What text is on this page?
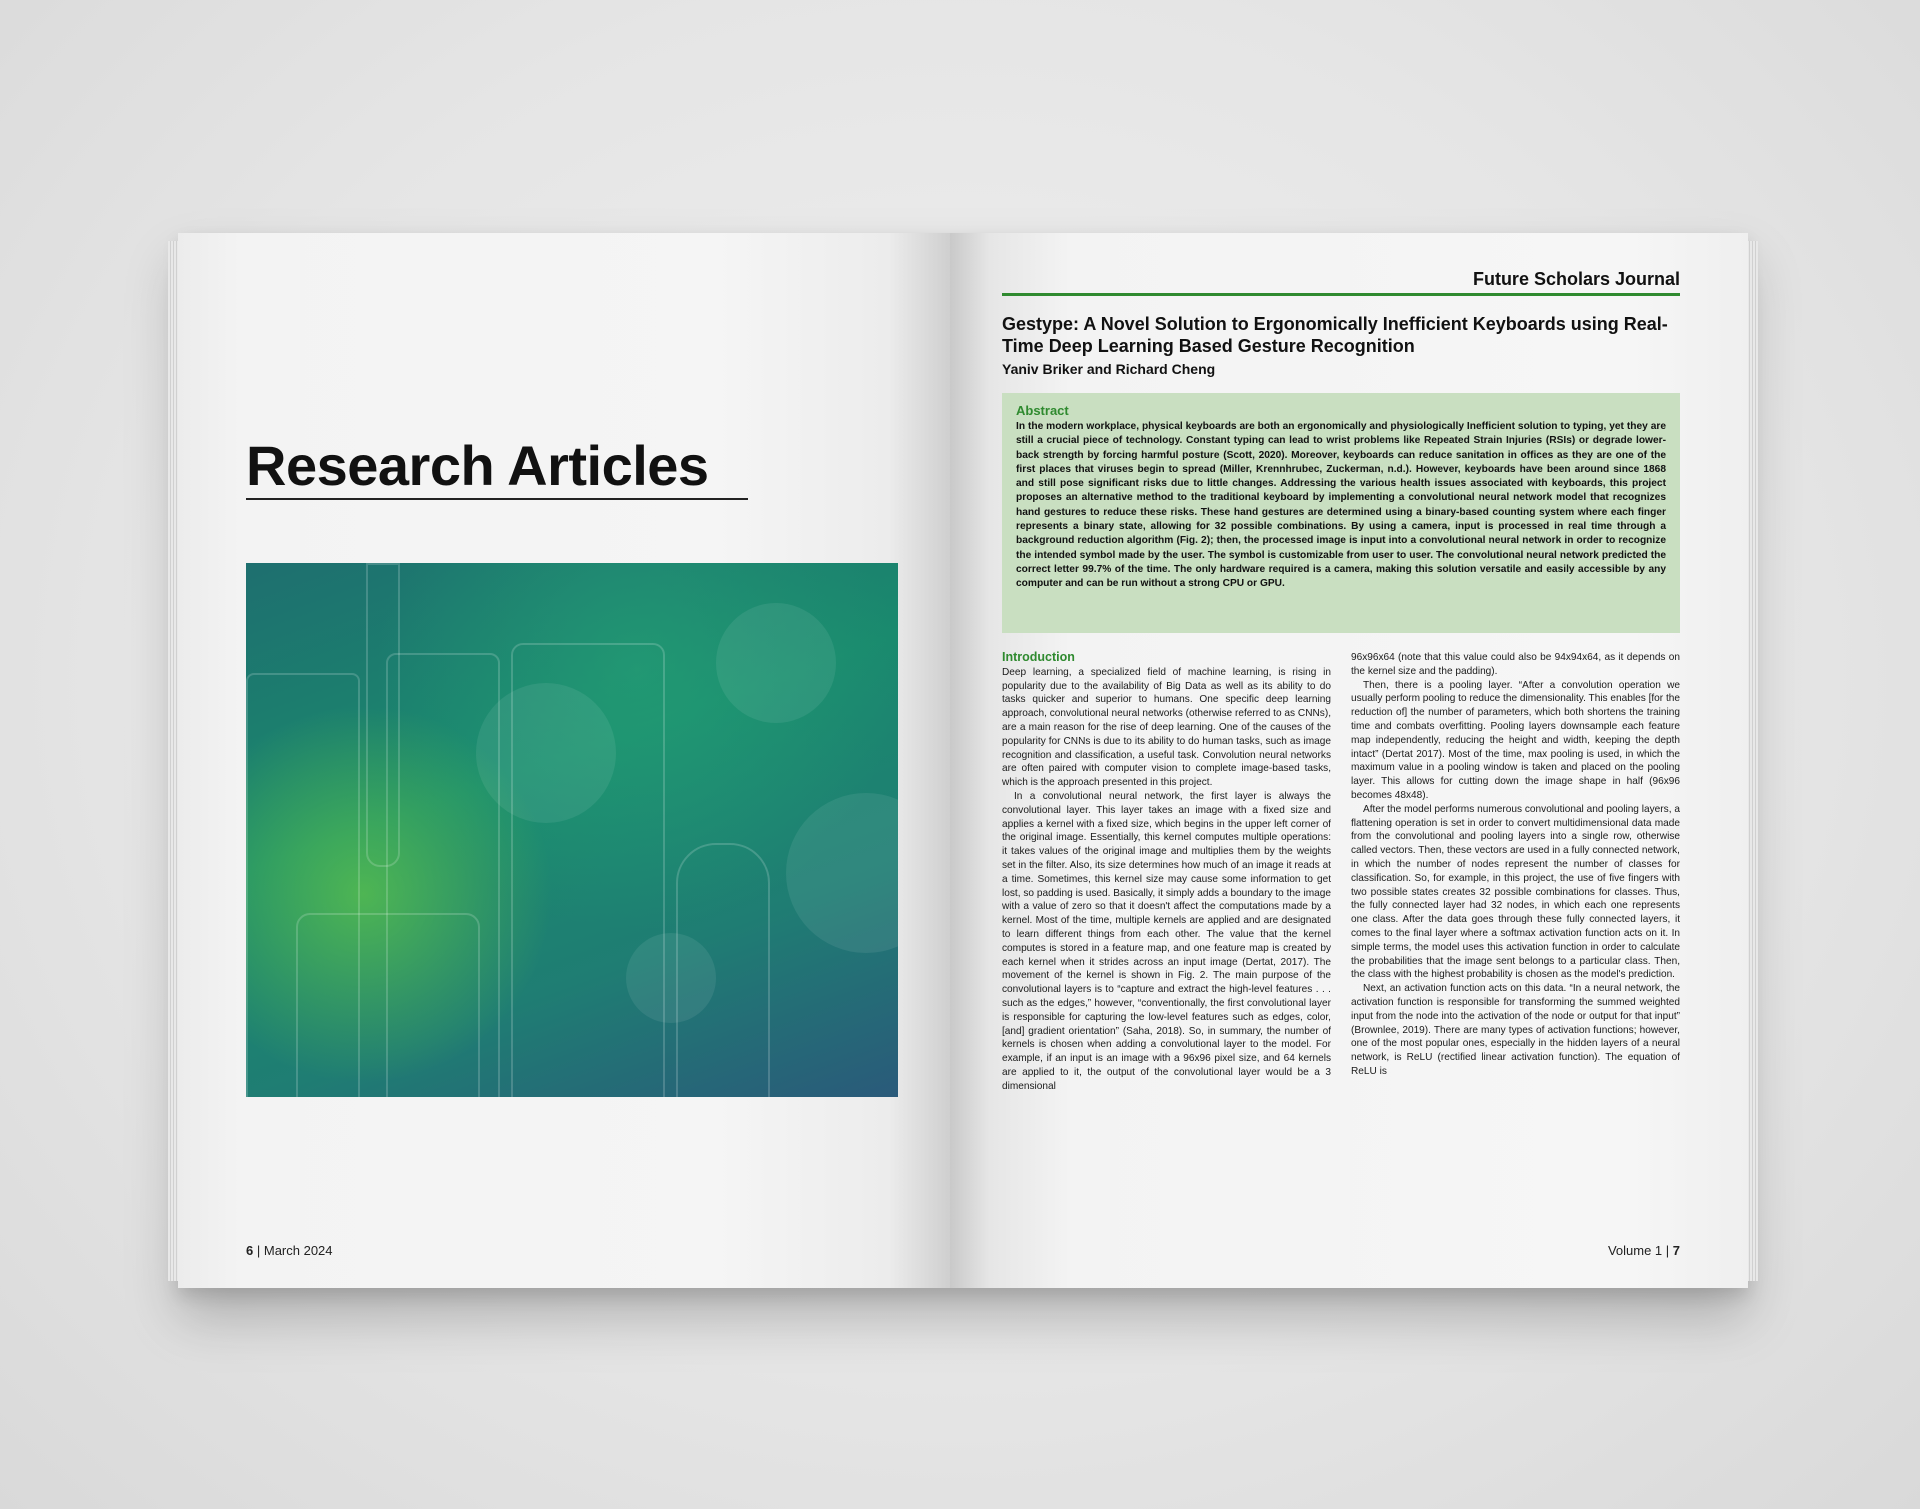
Research Articles
6 | March 2024
Future Scholars Journal
Gestype: A Novel Solution to Ergonomically Inefficient Keyboards using Real-Time Deep Learning Based Gesture Recognition
Yaniv Briker and Richard Cheng
Abstract

In the modern workplace, physical keyboards are both an ergonomically and physiologically Inefficient solution to typing, yet they are still a crucial piece of technology. Constant typing can lead to wrist problems like Repeated Strain Injuries (RSIs) or degrade lower-back strength by forcing harmful posture (Scott, 2020). Moreover, keyboards can reduce sanitation in offices as they are one of the first places that viruses begin to spread (Miller, Krennhrubec, Zuckerman, n.d.). However, keyboards have been around since 1868 and still pose significant risks due to little changes. Addressing the various health issues associated with keyboards, this project proposes an alternative method to the traditional keyboard by implementing a convolutional neural network model that recognizes hand gestures to reduce these risks. These hand gestures are determined using a binary-based counting system where each finger represents a binary state, allowing for 32 possible combinations. By using a camera, input is processed in real time through a background reduction algorithm (Fig. 2); then, the processed image is input into a convolutional neural network in order to recognize the intended symbol made by the user. The symbol is customizable from user to user. The convolutional neural network predicted the correct letter 99.7% of the time. The only hardware required is a camera, making this solution versatile and easily accessible by any computer and can be run without a strong CPU or GPU.

Introduction

Deep learning, a specialized field of machine learning, is rising in popularity due to the availability of Big Data as well as its ability to do tasks quicker and superior to humans. One specific deep learning approach, convolutional neural networks (otherwise referred to as CNNs), are a main reason for the rise of deep learning. One of the causes of the popularity for CNNs is due to its ability to do human tasks, such as image recognition and classification, a useful task. Convolution neural networks are often paired with computer vision to complete image-based tasks, which is the approach presented in this project.

In a convolutional neural network, the first layer is always the convolutional layer. This layer takes an image with a fixed size and applies a kernel with a fixed size, which begins in the upper left corner of the original image. Essentially, this kernel computes multiple operations: it takes values of the original image and multiplies them by the weights set in the filter. Also, its size determines how much of an image it reads at a time. Sometimes, this kernel size may cause some information to get lost, so padding is used. Basically, it simply adds a boundary to the image with a value of zero so that it doesn't affect the computations made by a kernel. Most of the time, multiple kernels are applied and are designated to learn different things from each other. The value that the kernel computes is stored in a feature map, and one feature map is created by each kernel when it strides across an input image (Dertat, 2017). The movement of the kernel is shown in Fig. 2. The main purpose of the convolutional layers is to “capture and extract the high-level features . . . such as the edges,” however, “conventionally, the first convolutional layer is responsible for capturing the low-level features such as edges, color, [and] gradient orientation” (Saha, 2018). So, in summary, the number of kernels is chosen when adding a convolutional layer to the model. For example, if an input is an image with a 96x96 pixel size, and 64 kernels are applied to it, the output of the convolutional layer would be a 3 dimensional

96x96x64 (note that this value could also be 94x94x64, as it depends on the kernel size and the padding).

Then, there is a pooling layer. “After a convolution operation we usually perform pooling to reduce the dimensionality. This enables [for the reduction of] the number of parameters, which both shortens the training time and combats overfitting. Pooling layers downsample each feature map independently, reducing the height and width, keeping the depth intact” (Dertat 2017). Most of the time, max pooling is used, in which the maximum value in a pooling window is taken and placed on the pooling layer. This allows for cutting down the image shape in half (96x96 becomes 48x48).

After the model performs numerous convolutional and pooling layers, a flattening operation is set in order to convert multidimensional data made from the convolutional and pooling layers into a single row, otherwise called vectors. Then, these vectors are used in a fully connected network, in which the number of nodes represent the number of classes for classification. So, for example, in this project, the use of five fingers with two possible states creates 32 possible combinations for classes. Thus, the fully connected layer had 32 nodes, in which each one represents one class. After the data goes through these fully connected layers, it comes to the final layer where a softmax activation function acts on it. In simple terms, the model uses this activation function in order to calculate the probabilities that the image sent belongs to a particular class. Then, the class with the highest probability is chosen as the model's prediction.

Next, an activation function acts on this data. “In a neural network, the activation function is responsible for transforming the summed weighted input from the node into the activation of the node or output for that input” (Brownlee, 2019). There are many types of activation functions; however, one of the most popular ones, especially in the hidden layers of a neural network, is ReLU (rectified linear activation function). The equation of ReLU is

Volume 1 | 7
